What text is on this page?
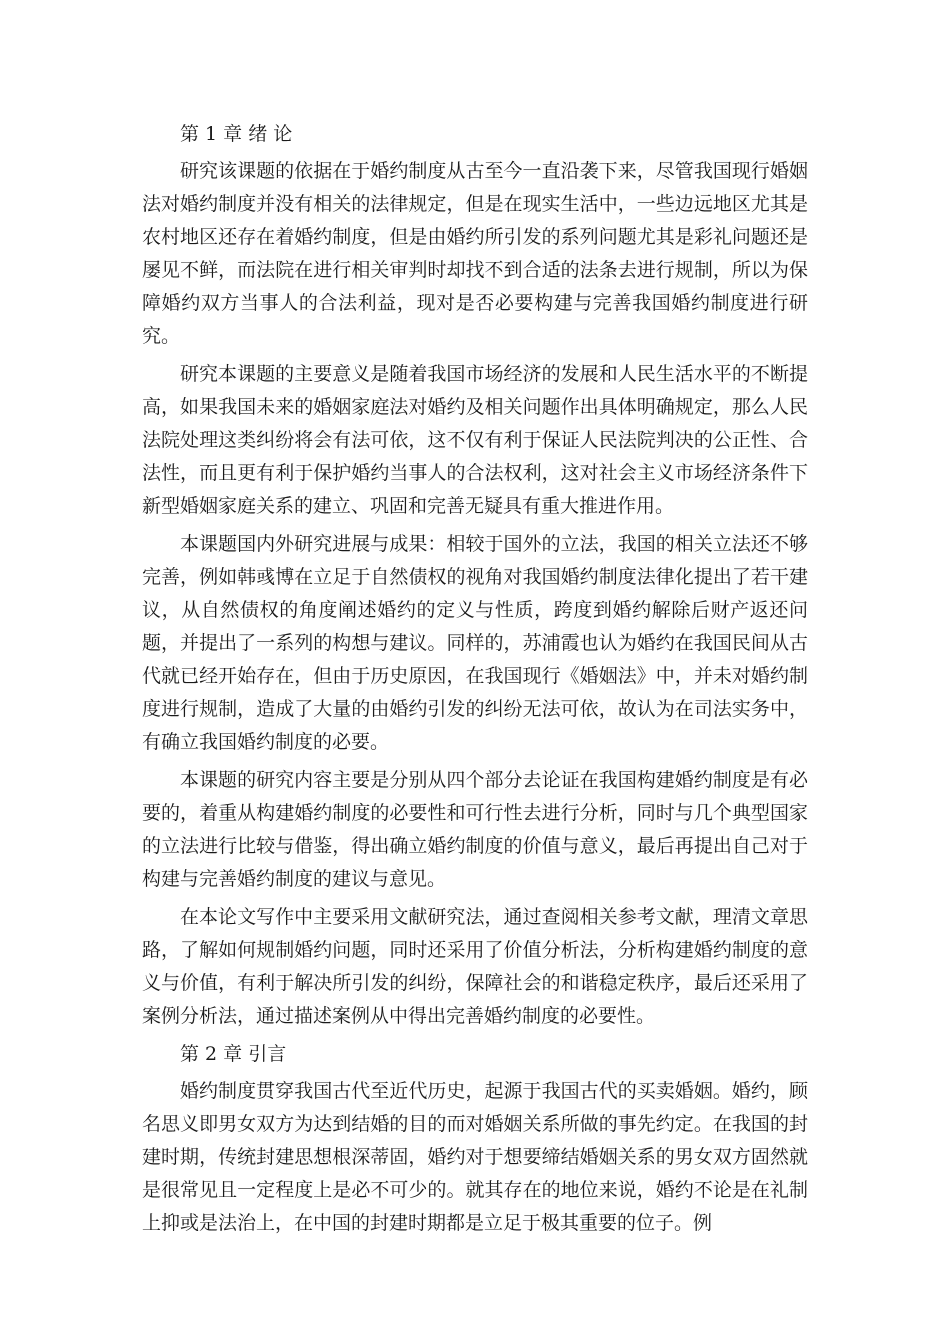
第 1 章 绪 论

研究该课题的依据在于婚约制度从古至今一直沿袭下来，尽管我国现行婚姻法对婚约制度并没有相关的法律规定，但是在现实生活中，一些边远地区尤其是农村地区还存在着婚约制度，但是由婚约所引发的系列问题尤其是彩礼问题还是屡见不鲜，而法院在进行相关审判时却找不到合适的法条去进行规制，所以为保障婚约双方当事人的合法利益，现对是否必要构建与完善我国婚约制度进行研究。

研究本课题的主要意义是随着我国市场经济的发展和人民生活水平的不断提高，如果我国未来的婚姻家庭法对婚约及相关问题作出具体明确规定，那么人民法院处理这类纠纷将会有法可依，这不仅有利于保证人民法院判决的公正性、合法性，而且更有利于保护婚约当事人的合法权利，这对社会主义市场经济条件下新型婚姻家庭关系的建立、巩固和完善无疑具有重大推进作用。

本课题国内外研究进展与成果：相较于国外的立法，我国的相关立法还不够完善，例如韩彧博在立足于自然债权的视角对我国婚约制度法律化提出了若干建议，从自然债权的角度阐述婚约的定义与性质，跨度到婚约解除后财产返还问题，并提出了一系列的构想与建议。同样的，苏浦霞也认为婚约在我国民间从古代就已经开始存在，但由于历史原因，在我国现行《婚姻法》中，并未对婚约制度进行规制，造成了大量的由婚约引发的纠纷无法可依，故认为在司法实务中，有确立我国婚约制度的必要。

本课题的研究内容主要是分别从四个部分去论证在我国构建婚约制度是有必要的，着重从构建婚约制度的必要性和可行性去进行分析，同时与几个典型国家的立法进行比较与借鉴，得出确立婚约制度的价值与意义，最后再提出自己对于构建与完善婚约制度的建议与意见。

在本论文写作中主要采用文献研究法，通过查阅相关参考文献，理清文章思路，了解如何规制婚约问题，同时还采用了价值分析法，分析构建婚约制度的意义与价值，有利于解决所引发的纠纷，保障社会的和谐稳定秩序，最后还采用了案例分析法，通过描述案例从中得出完善婚约制度的必要性。

第 2 章 引言

婚约制度贯穿我国古代至近代历史，起源于我国古代的买卖婚姻。婚约，顾名思义即男女双方为达到结婚的目的而对婚姻关系所做的事先约定。在我国的封建时期，传统封建思想根深蒂固，婚约对于想要缔结婚姻关系的男女双方固然就是很常见且一定程度上是必不可少的。就其存在的地位来说，婚约不论是在礼制上抑或是法治上，在中国的封建时期都是立足于极其重要的位子。例
